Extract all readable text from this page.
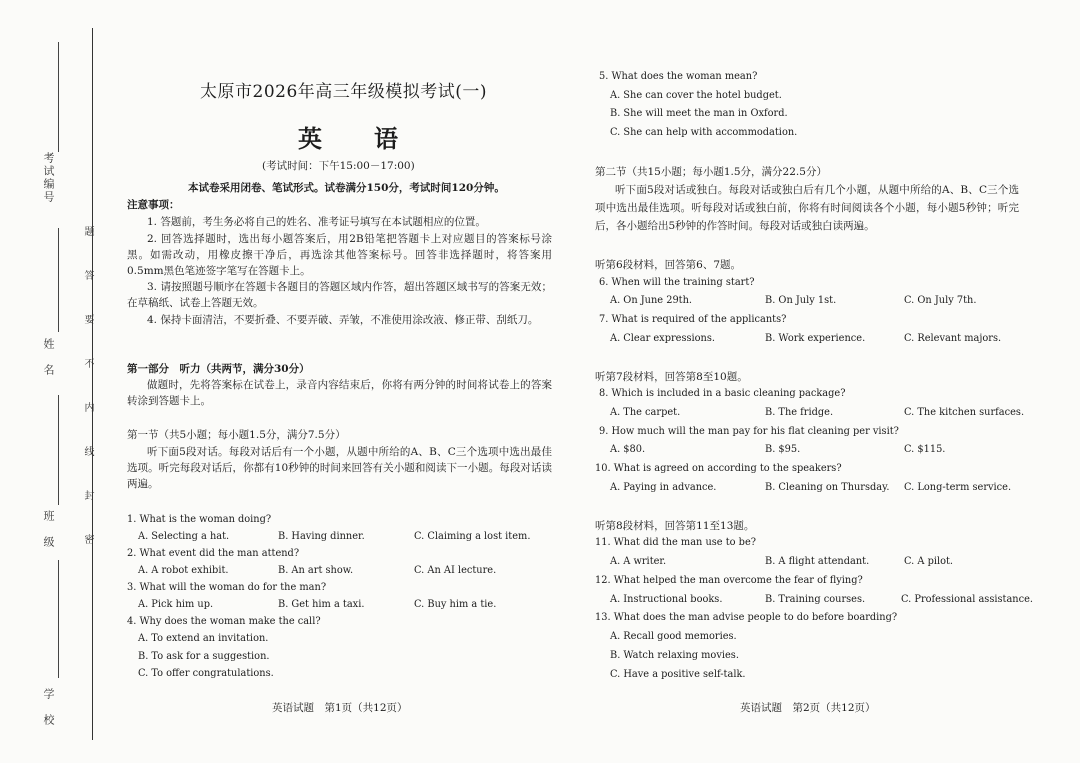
考试编号
姓　名
班　级
学　校
题答要不内线封密
太原市2026年高三年级模拟考试(一)
英　语
(考试时间：下午15:00－17:00)
本试卷采用闭卷、笔试形式。试卷满分150分，考试时间120分钟。
注意事项：
1. 答题前，考生务必将自己的姓名、准考证号填写在本试题相应的位置。
2. 回答选择题时，选出每小题答案后，用2B铅笔把答题卡上对应题目的答案标号涂黑。如需改动，用橡皮擦干净后，再选涂其他答案标号。回答非选择题时，将答案用0.5mm黑色笔迹签字笔写在答题卡上。
3. 请按照题号顺序在答题卡各题目的答题区域内作答，超出答题区域书写的答案无效；在草稿纸、试卷上答题无效。
4. 保持卡面清洁，不要折叠、不要弄破、弄皱，不准使用涂改液、修正带、刮纸刀。
第一部分　听力（共两节，满分30分）
做题时，先将答案标在试卷上，录音内容结束后，你将有两分钟的时间将试卷上的答案转涂到答题卡上。
第一节（共5小题；每小题1.5分，满分7.5分）
听下面5段对话。每段对话后有一个小题，从题中所给的A、B、C三个选项中选出最佳选项。听完每段对话后，你都有10秒钟的时间来回答有关小题和阅读下一小题。每段对话读两遍。
1. What is the woman doing?
A. Selecting a hat.	B. Having dinner.	C. Claiming a lost item.
2. What event did the man attend?
A. A robot exhibit.	B. An art show.	C. An AI lecture.
3. What will the woman do for the man?
A. Pick him up.	B. Get him a taxi.	C. Buy him a tie.
4. Why does the woman make the call?
A. To extend an invitation.
B. To ask for a suggestion.
C. To offer congratulations.
英语试题　第1页（共12页）
5. What does the woman mean?
A. She can cover the hotel budget.
B. She will meet the man in Oxford.
C. She can help with accommodation.
第二节（共15小题；每小题1.5分，满分22.5分）
听下面5段对话或独白。每段对话或独白后有几个小题，从题中所给的A、B、C三个选项中选出最佳选项。听每段对话或独白前，你将有时间阅读各个小题，每小题5秒钟；听完后，各小题给出5秒钟的作答时间。每段对话或独白读两遍。
听第6段材料，回答第6、7题。
6. When will the training start?
A. On June 29th.	B. On July 1st.	C. On July 7th.
7. What is required of the applicants?
A. Clear expressions.	B. Work experience.	C. Relevant majors.
听第7段材料，回答第8至10题。
8. Which is included in a basic cleaning package?
A. The carpet.	B. The fridge.	C. The kitchen surfaces.
9. How much will the man pay for his flat cleaning per visit?
A. $80.	B. $95.	C. $115.
10. What is agreed on according to the speakers?
A. Paying in advance.	B. Cleaning on Thursday. C. Long-term service.
听第8段材料，回答第11至13题。
11. What did the man use to be?
A. A writer.	B. A flight attendant.	C. A pilot.
12. What helped the man overcome the fear of flying?
A. Instructional books.	B. Training courses.	C. Professional assistance.
13. What does the man advise people to do before boarding?
A. Recall good memories.
B. Watch relaxing movies.
C. Have a positive self-talk.
英语试题　第2页（共12页）
